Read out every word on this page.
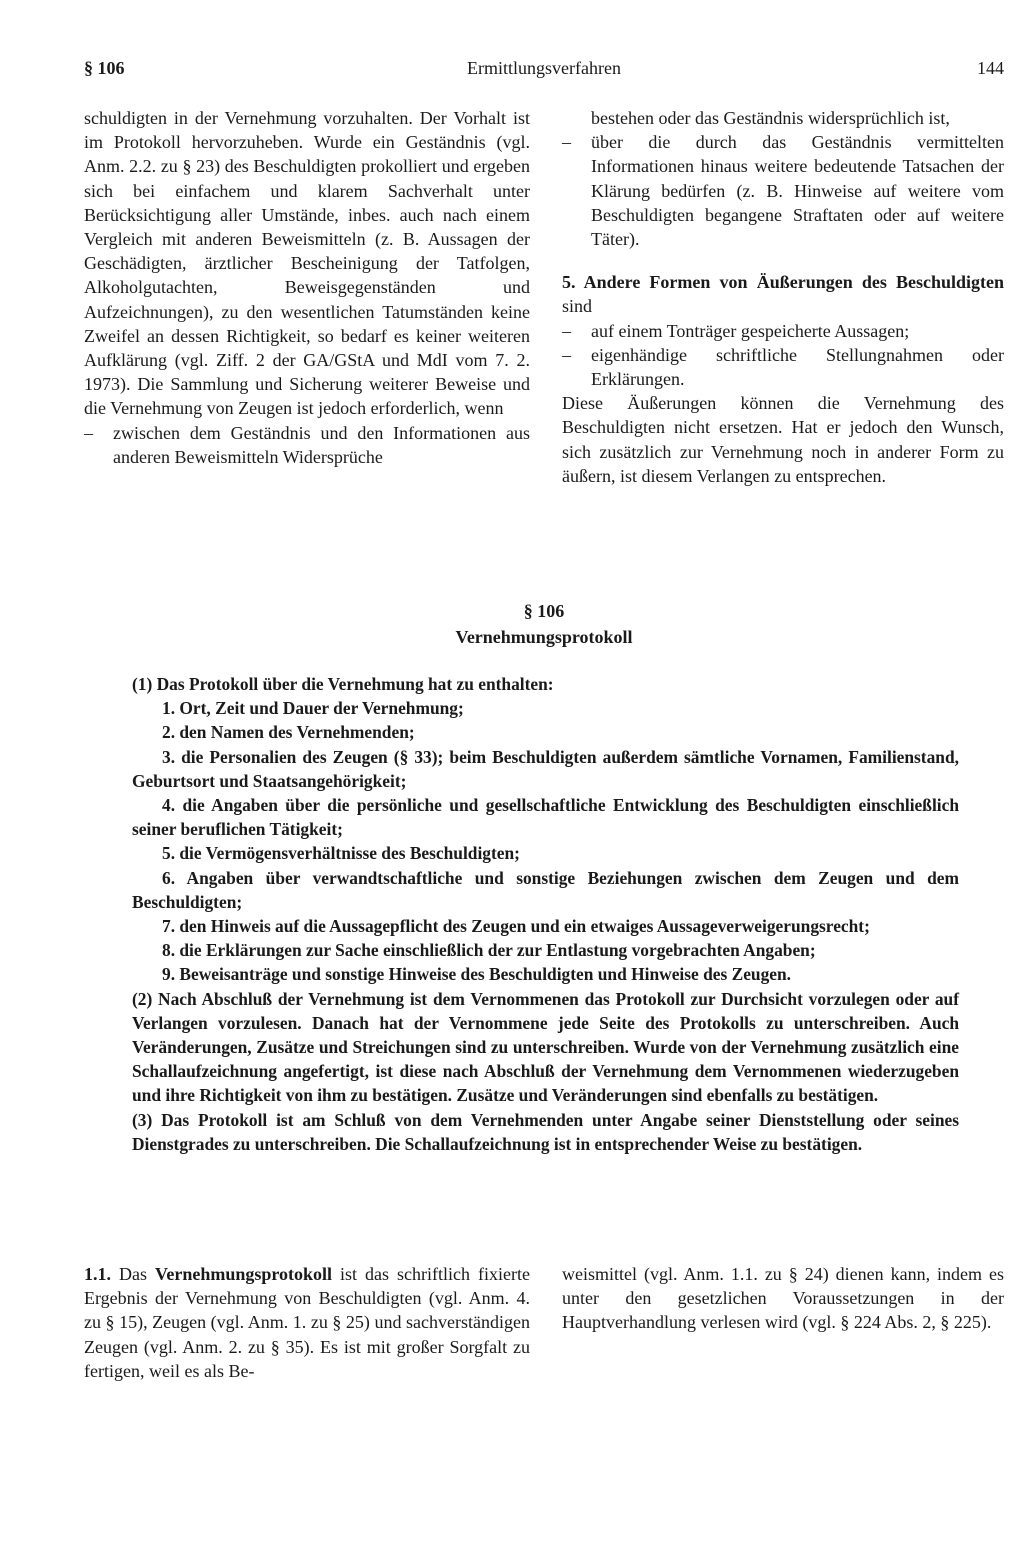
§ 106	Ermittlungsverfahren	144

schuldigten in der Vernehmung vorzuhalten. Der Vorhalt ist im Protokoll hervorzuheben. Wurde ein Geständnis (vgl. Anm. 2.2. zu § 23) des Beschuldigten prokolliert und ergeben sich bei einfachem und klarem Sachverhalt unter Berücksichtigung aller Umstände, inbes. auch nach einem Vergleich mit anderen Beweismitteln (z. B. Aussagen der Geschädigten, ärztlicher Bescheinigung der Tatfolgen, Alkoholgutachten, Beweisgegenständen und Aufzeichnungen), zu den wesentlichen Tatumständen keine Zweifel an dessen Richtigkeit, so bedarf es keiner weiteren Aufklärung (vgl. Ziff. 2 der GA/GStA und MdI vom 7. 2. 1973). Die Sammlung und Sicherung weiterer Beweise und die Vernehmung von Zeugen ist jedoch erforderlich, wenn

–	zwischen dem Geständnis und den Informationen aus anderen Beweismitteln Widersprüche
bestehen oder das Geständnis widersprüchlich ist,
–	über die durch das Geständnis vermittelten Informationen hinaus weitere bedeutende Tatsachen der Klärung bedürfen (z. B. Hinweise auf weitere vom Beschuldigten begangene Straftaten oder auf weitere Täter).

5. Andere Formen von Äußerungen des Beschuldigten sind

–	auf einem Tonträger gespeicherte Aussagen;
–	eigenhändige schriftliche Stellungnahmen oder Erklärungen.

Diese Äußerungen können die Vernehmung des Beschuldigten nicht ersetzen. Hat er jedoch den Wunsch, sich zusätzlich zur Vernehmung noch in anderer Form zu äußern, ist diesem Verlangen zu entsprechen.

§ 106
Vernehmungsprotokoll

(1) Das Protokoll über die Vernehmung hat zu enthalten:

1. Ort, Zeit und Dauer der Vernehmung;

2. den Namen des Vernehmenden;

3. die Personalien des Zeugen (§ 33); beim Beschuldigten außerdem sämtliche Vornamen, Familienstand, Geburtsort und Staatsangehörigkeit;

4. die Angaben über die persönliche und gesellschaftliche Entwicklung des Beschuldigten einschließlich seiner beruflichen Tätigkeit;

5. die Vermögensverhältnisse des Beschuldigten;

6. Angaben über verwandtschaftliche und sonstige Beziehungen zwischen dem Zeugen und dem Beschuldigten;

7. den Hinweis auf die Aussagepflicht des Zeugen und ein etwaiges Aussageverweigerungsrecht;

8. die Erklärungen zur Sache einschließlich der zur Entlastung vorgebrachten Angaben;

9. Beweisanträge und sonstige Hinweise des Beschuldigten und Hinweise des Zeugen.

(2) Nach Abschluß der Vernehmung ist dem Vernommenen das Protokoll zur Durchsicht vorzulegen oder auf Verlangen vorzulesen. Danach hat der Vernommene jede Seite des Protokolls zu unterschreiben. Auch Veränderungen, Zusätze und Streichungen sind zu unterschreiben. Wurde von der Vernehmung zusätzlich eine Schallaufzeichnung angefertigt, ist diese nach Abschluß der Vernehmung dem Vernommenen wiederzugeben und ihre Richtigkeit von ihm zu bestätigen. Zusätze und Veränderungen sind ebenfalls zu bestätigen.

(3) Das Protokoll ist am Schluß von dem Vernehmenden unter Angabe seiner Dienststellung oder seines Dienstgrades zu unterschreiben. Die Schallaufzeichnung ist in entsprechender Weise zu bestätigen.

1.1. Das Vernehmungsprotokoll ist das schriftlich fixierte Ergebnis der Vernehmung von Beschuldigten (vgl. Anm. 4. zu § 15), Zeugen (vgl. Anm. 1. zu § 25) und sachverständigen Zeugen (vgl. Anm. 2. zu § 35). Es ist mit großer Sorgfalt zu fertigen, weil es als Be-

weismittel (vgl. Anm. 1.1. zu § 24) dienen kann, indem es unter den gesetzlichen Voraussetzungen in der Hauptverhandlung verlesen wird (vgl. § 224 Abs. 2, § 225).
